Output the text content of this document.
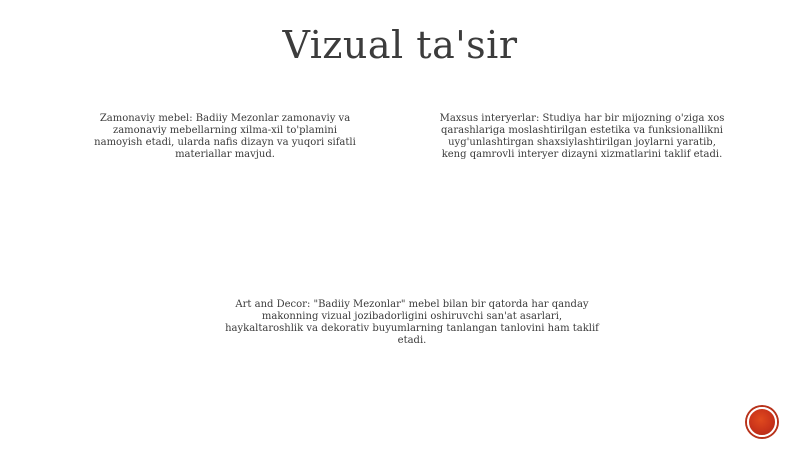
Vizual ta'sir

Zamonaviy mebel: Badiiy Mezonlar zamonaviy va zamonaviy mebellarning xilma-xil to'plamini namoyish etadi, ularda nafis dizayn va yuqori sifatli materiallar mavjud.

Maxsus interyerlar: Studiya har bir mijozning o'ziga xos qarashlariga moslashtirilgan estetika va funksionallikni uyg'unlashtirgan shaxsiylashtirilgan joylarni yaratib, keng qamrovli interyer dizayni xizmatlarini taklif etadi.

Art and Decor: "Badiiy Mezonlar" mebel bilan bir qatorda har qanday makonning vizual jozibadorligini oshiruvchi san'at asarlari, haykaltaroshlik va dekorativ buyumlarning tanlangan tanlovini ham taklif etadi.
